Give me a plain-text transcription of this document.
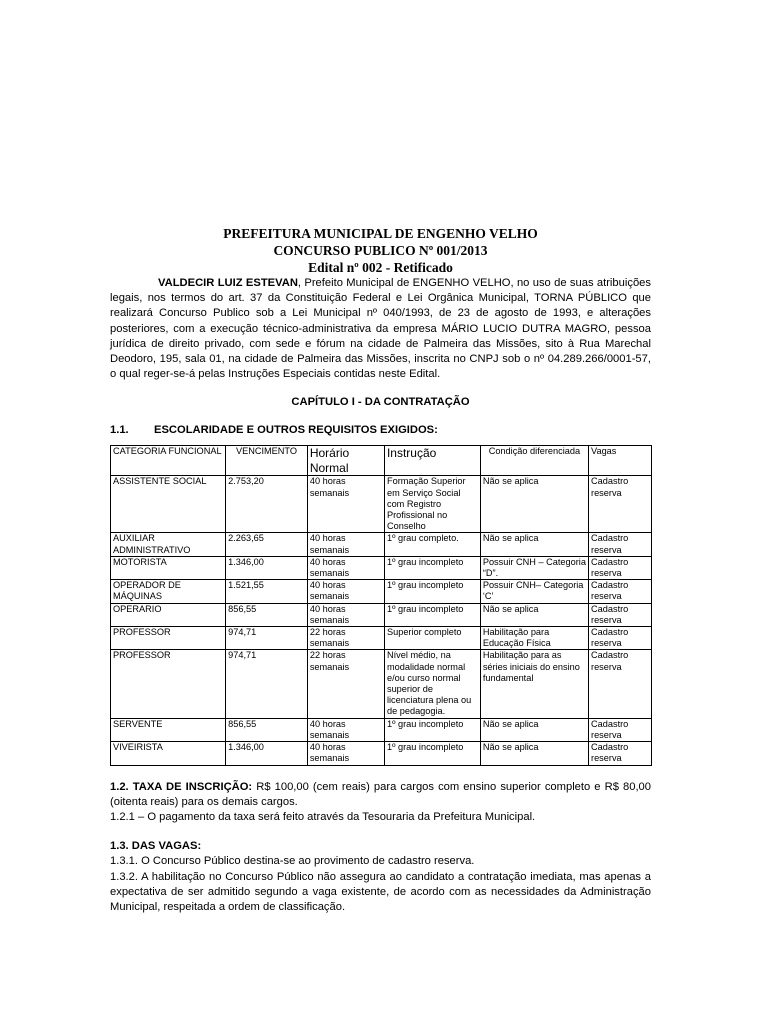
PREFEITURA MUNICIPAL DE ENGENHO VELHO

CONCURSO PUBLICO Nº 001/2013

Edital nº 002 - Retificado

VALDECIR LUIZ ESTEVAN, Prefeito Municipal de ENGENHO VELHO, no uso de suas atribuições legais, nos termos do art. 37 da Constituição Federal e Lei Orgânica Municipal, TORNA PÚBLICO que realizará Concurso Publico sob a Lei Municipal nº 040/1993, de 23 de agosto de 1993, e alterações posteriores, com a execução técnico-administrativa da empresa MÁRIO LUCIO DUTRA MAGRO, pessoa jurídica de direito privado, com sede e fórum na cidade de Palmeira das Missões, sito à Rua Marechal Deodoro, 195, sala 01, na cidade de Palmeira das Missões, inscrita no CNPJ sob o nº 04.289.266/0001-57, o qual reger-se-á pelas Instruções Especiais contidas neste Edital.

CAPÍTULO I - DA CONTRATAÇÃO

1.1.	ESCOLARIDADE E OUTROS REQUISITOS EXIGIDOS:
CATEGORIA FUNCIONAL	VENCIMENTO	Horário Normal	Instrução	Condição diferenciada	Vagas
ASSISTENTE SOCIAL	2.753,20	40 horas semanais	Formação Superior em Serviço Social com Registro Profissional no Conselho	Não se aplica	Cadastro reserva
AUXILIAR ADMINISTRATIVO	2.263,65	40 horas semanais	1º grau completo.	Não se aplica	Cadastro reserva
MOTORISTA	1.346,00	40 horas semanais	1º grau incompleto	Possuir CNH – Categoria “D”.	Cadastro reserva
OPERADOR DE MÁQUINAS	1.521,55	40 horas semanais	1º grau incompleto	Possuir CNH– Categoria ‘C’	Cadastro reserva
OPERARIO	856,55	40 horas semanais	1º grau incompleto	Não se aplica	Cadastro reserva
PROFESSOR	974,71	22 horas semanais	Superior completo	Habilitação para Educação Física	Cadastro reserva
PROFESSOR	974,71	22 horas semanais	Nível médio, na modalidade normal e/ou curso normal superior de licenciatura plena ou de pedagogia.	Habilitação para as séries iniciais do ensino fundamental	Cadastro reserva
SERVENTE	856,55	40 horas semanais	1º grau incompleto	Não se aplica	Cadastro reserva
VIVEIRISTA	1.346,00	40 horas semanais	1º grau incompleto	Não se aplica	Cadastro reserva

1.2. TAXA DE INSCRIÇÃO: R$ 100,00 (cem reais) para cargos com ensino superior completo e R$ 80,00 (oitenta reais) para os demais cargos.

1.2.1 – O pagamento da taxa será feito através da Tesouraria da Prefeitura Municipal.

1.3. DAS VAGAS:

1.3.1. O Concurso Público destina-se ao provimento de cadastro reserva.

1.3.2. A habilitação no Concurso Público não assegura ao candidato a contratação imediata, mas apenas a expectativa de ser admitido segundo a vaga existente, de acordo com as necessidades da Administração Municipal, respeitada a ordem de classificação.
